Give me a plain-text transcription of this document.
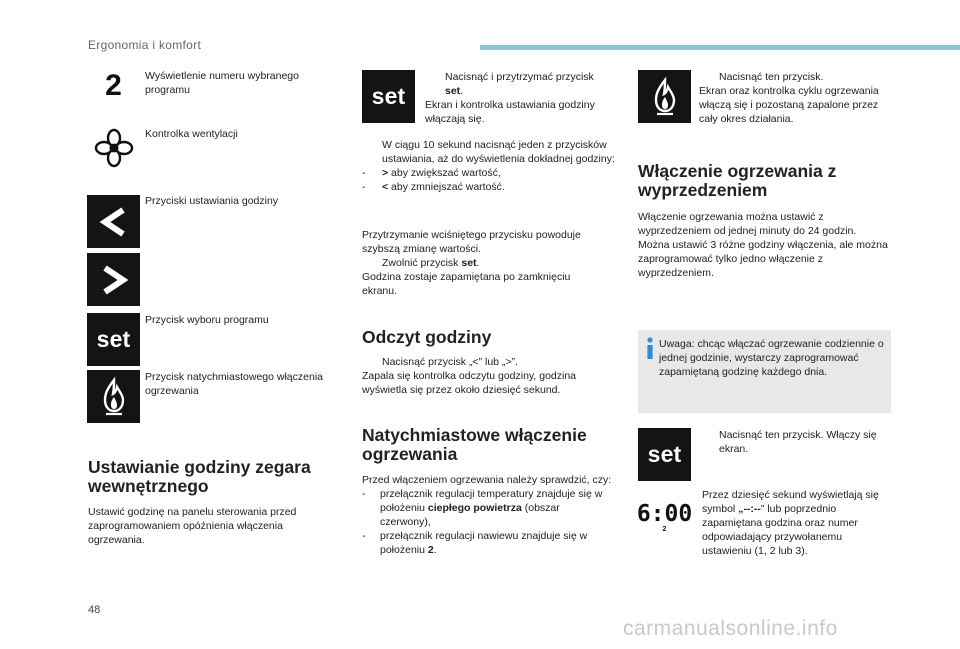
Ergonomia i komfort
2 Wyświetlenie numeru wybranego programu
Kontrolka wentylacji
Przyciski ustawiania godziny
set
Przycisk wyboru programu
Przycisk natychmiastowego włączenia ogrzewania
Ustawianie godziny zegara wewnętrznego
Ustawić godzinę na panelu sterowania przed zaprogramowaniem opóźnienia włączenia ogrzewania.
set
Nacisnąć i przytrzymać przycisk set.
Ekran i kontrolka ustawiania godziny włączają się.
W ciągu 10 sekund nacisnąć jeden z przycisków ustawiania, aż do wyświetlenia dokładnej godziny:
-	> aby zwiększać wartość,
-	< aby zmniejszać wartość.
Przytrzymanie wciśniętego przycisku powoduje szybszą zmianę wartości.
Zwolnić przycisk set.
Godzina zostaje zapamiętana po zamknięciu ekranu.
Odczyt godziny
Nacisnąć przycisk „<” lub „>”.
Zapala się kontrolka odczytu godziny, godzina wyświetla się przez około dziesięć sekund.
Natychmiastowe włączenie ogrzewania
Przed włączeniem ogrzewania należy sprawdzić, czy:
-	przełącznik regulacji temperatury znajduje się w położeniu ciepłego powietrza (obszar czerwony),
-	przełącznik regulacji nawiewu znajduje się w położeniu 2.
Nacisnąć ten przycisk.
Ekran oraz kontrolka cyklu ogrzewania włączą się i pozostaną zapalone przez cały okres działania.
Włączenie ogrzewania z wyprzedzeniem
Włączenie ogrzewania można ustawić z wyprzedzeniem od jednej minuty do 24 godzin. Można ustawić 3 różne godziny włączenia, ale można zaprogramować tylko jedno włączenie z wyprzedzeniem.
Uwaga: chcąc włączać ogrzewanie codziennie o jednej godzinie, wystarczy zaprogramować zapamiętaną godzinę każdego dnia.
set
Nacisnąć ten przycisk. Włączy się ekran.
6:00
2
Przez dziesięć sekund wyświetlają się symbol „--:--” lub poprzednio zapamiętana godzina oraz numer odpowiadający przywołanemu ustawieniu (1, 2 lub 3).
48
carmanualsonline.info
